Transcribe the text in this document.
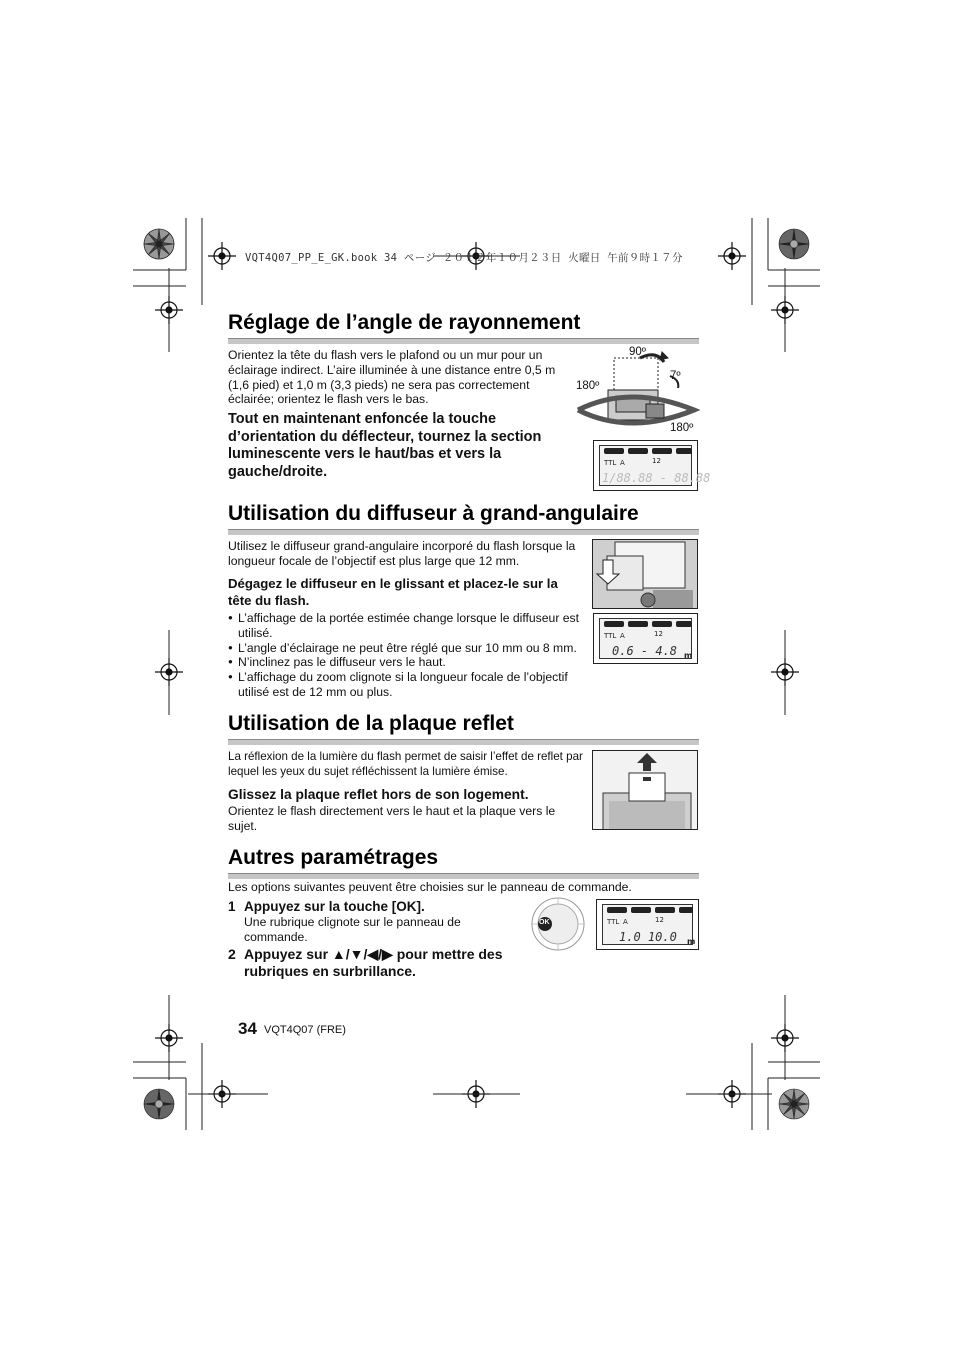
VQT4Q07_PP_E_GK.book 34 ページ ２０１２年１０月２３日 火曜日 午前９時１７分
Réglage de l’angle de rayonnement

Orientez la tête du flash vers le plafond ou un mur pour un éclairage indirect. L’aire illuminée à une distance entre 0,5 m (1,6 pied) et 1,0 m (3,3 pieds) ne sera pas correctement éclairée; orientez le flash vers le bas.

Tout en maintenant enfoncée la touche d’orientation du déflecteur, tournez la section luminescente vers le haut/bas et vers la gauche/droite.

90º
7º
180º
180º
TTL A	12
1/88.88 - 88.88
Utilisation du diffuseur à grand-angulaire

Utilisez le diffuseur grand-angulaire incorporé du flash lorsque la longueur focale de l’objectif est plus large que 12 mm.

Dégagez le diffuseur en le glissant et placez-le sur la tête du flash.

● L’affichage de la portée estimée change lorsque le diffuseur est utilisé.
● L’angle d’éclairage ne peut être réglé que sur 10 mm ou 8 mm.
● N’inclinez pas le diffuseur vers le haut.
● L’affichage du zoom clignote si la longueur focale de l’objectif utilisé est de 12 mm ou plus.
TTL A	12
0.6 - 4.8 m
Utilisation de la plaque reflet

La réflexion de la lumière du flash permet de saisir l’effet de reflet par lequel les yeux du sujet réfléchissent la lumière émise.

Glissez la plaque reflet hors de son logement.

Orientez le flash directement vers le haut et la plaque vers le sujet.

Autres paramétrages

Les options suivantes peuvent être choisies sur le panneau de commande.

1 Appuyez sur la touche [OK].

Une rubrique clignote sur le panneau de commande.

2 Appuyez sur ▲/▼/◀/▶ pour mettre des rubriques en surbrillance.

OK	TTL A	12
1.0 10.0 m
34 VQT4Q07 (FRE)
